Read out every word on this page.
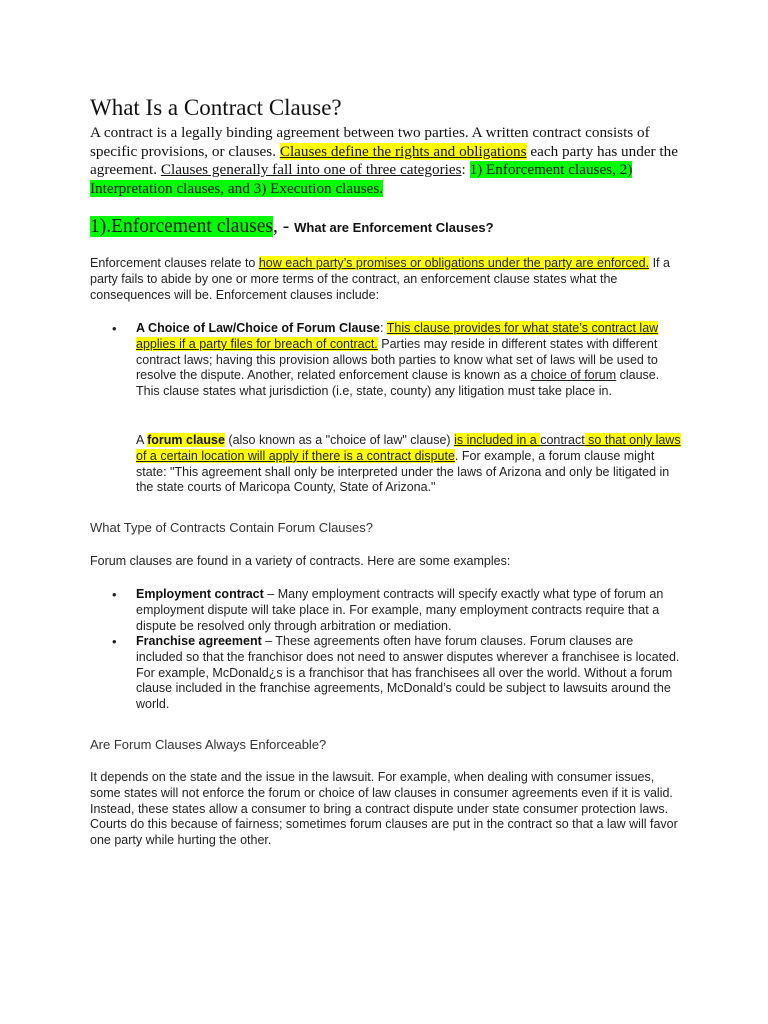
What Is a Contract Clause?

A contract is a legally binding agreement between two parties. A written contract consists of specific provisions, or clauses. Clauses define the rights and obligations each party has under the agreement. Clauses generally fall into one of three categories: 1) Enforcement clauses, 2) Interpretation clauses, and 3) Execution clauses.

1).Enforcement clauses, - What are Enforcement Clauses?

Enforcement clauses relate to how each party’s promises or obligations under the party are enforced. If a party fails to abide by one or more terms of the contract, an enforcement clause states what the consequences will be. Enforcement clauses include:

• A Choice of Law/Choice of Forum Clause: This clause provides for what state’s contract law applies if a party files for breach of contract. Parties may reside in different states with different contract laws; having this provision allows both parties to know what set of laws will be used to resolve the dispute. Another, related enforcement clause is known as a choice of forum clause. This clause states what jurisdiction (i.e, state, county) any litigation must take place in.

A forum clause (also known as a "choice of law" clause) is included in a contract so that only laws of a certain location will apply if there is a contract dispute. For example, a forum clause might state: "This agreement shall only be interpreted under the laws of Arizona and only be litigated in the state courts of Maricopa County, State of Arizona."

What Type of Contracts Contain Forum Clauses?

Forum clauses are found in a variety of contracts. Here are some examples:

• Employment contract – Many employment contracts will specify exactly what type of forum an employment dispute will take place in. For example, many employment contracts require that a dispute be resolved only through arbitration or mediation.
• Franchise agreement – These agreements often have forum clauses. Forum clauses are included so that the franchisor does not need to answer disputes wherever a franchisee is located. For example, McDonald¿s is a franchisor that has franchisees all over the world. Without a forum clause included in the franchise agreements, McDonald’s could be subject to lawsuits around the world.

Are Forum Clauses Always Enforceable?

It depends on the state and the issue in the lawsuit. For example, when dealing with consumer issues, some states will not enforce the forum or choice of law clauses in consumer agreements even if it is valid. Instead, these states allow a consumer to bring a contract dispute under state consumer protection laws. Courts do this because of fairness; sometimes forum clauses are put in the contract so that a law will favor one party while hurting the other.
